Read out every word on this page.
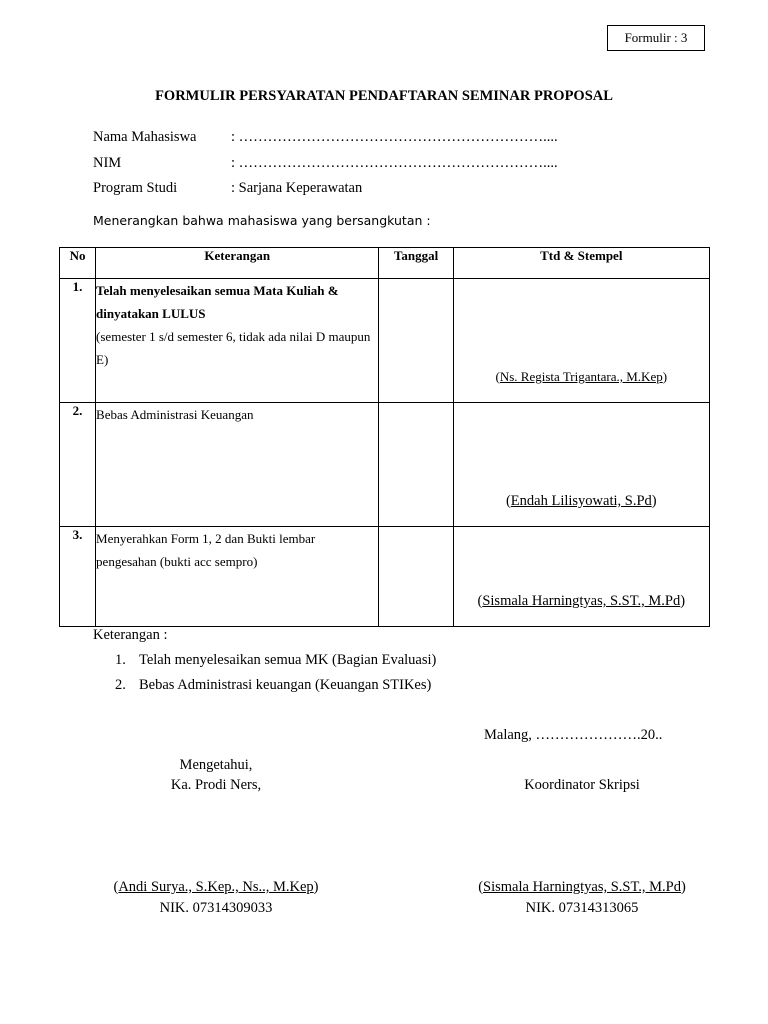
Formulir : 3
FORMULIR PERSYARATAN PENDAFTARAN SEMINAR PROPOSAL
Nama Mahasiswa : ………………………………………………………....
NIM	: ………………………………………………………....
Program Studi	: Sarjana Keperawatan
Menerangkan bahwa mahasiswa yang bersangkutan :
No	Keterangan	Tanggal	Ttd & Stempel
1.	Telah menyelesaikan semua Mata Kuliah & dinyatakan LULUS
(semester 1 s/d semester 6, tidak ada nilai D maupun E)		(Ns. Regista Trigantara., M.Kep)

2.	Bebas Administrasi Keuangan		(Endah Lilisyowati, S.Pd)

3.	Menyerahkan Form 1, 2 dan Bukti lembar pengesahan (bukti acc sempro)		(Sismala Harningtyas, S.ST., M.Pd)
Keterangan :
1. Telah menyelesaikan semua MK (Bagian Evaluasi)
2. Bebas Administrasi keuangan (Keuangan STIKes)
Malang, ………………….20..
Mengetahui,
Ka. Prodi Ners,
(Andi Surya., S.Kep., Ns.., M.Kep)
NIK. 07314309033
Koordinator Skripsi
(Sismala Harningtyas, S.ST., M.Pd)
NIK. 07314313065
